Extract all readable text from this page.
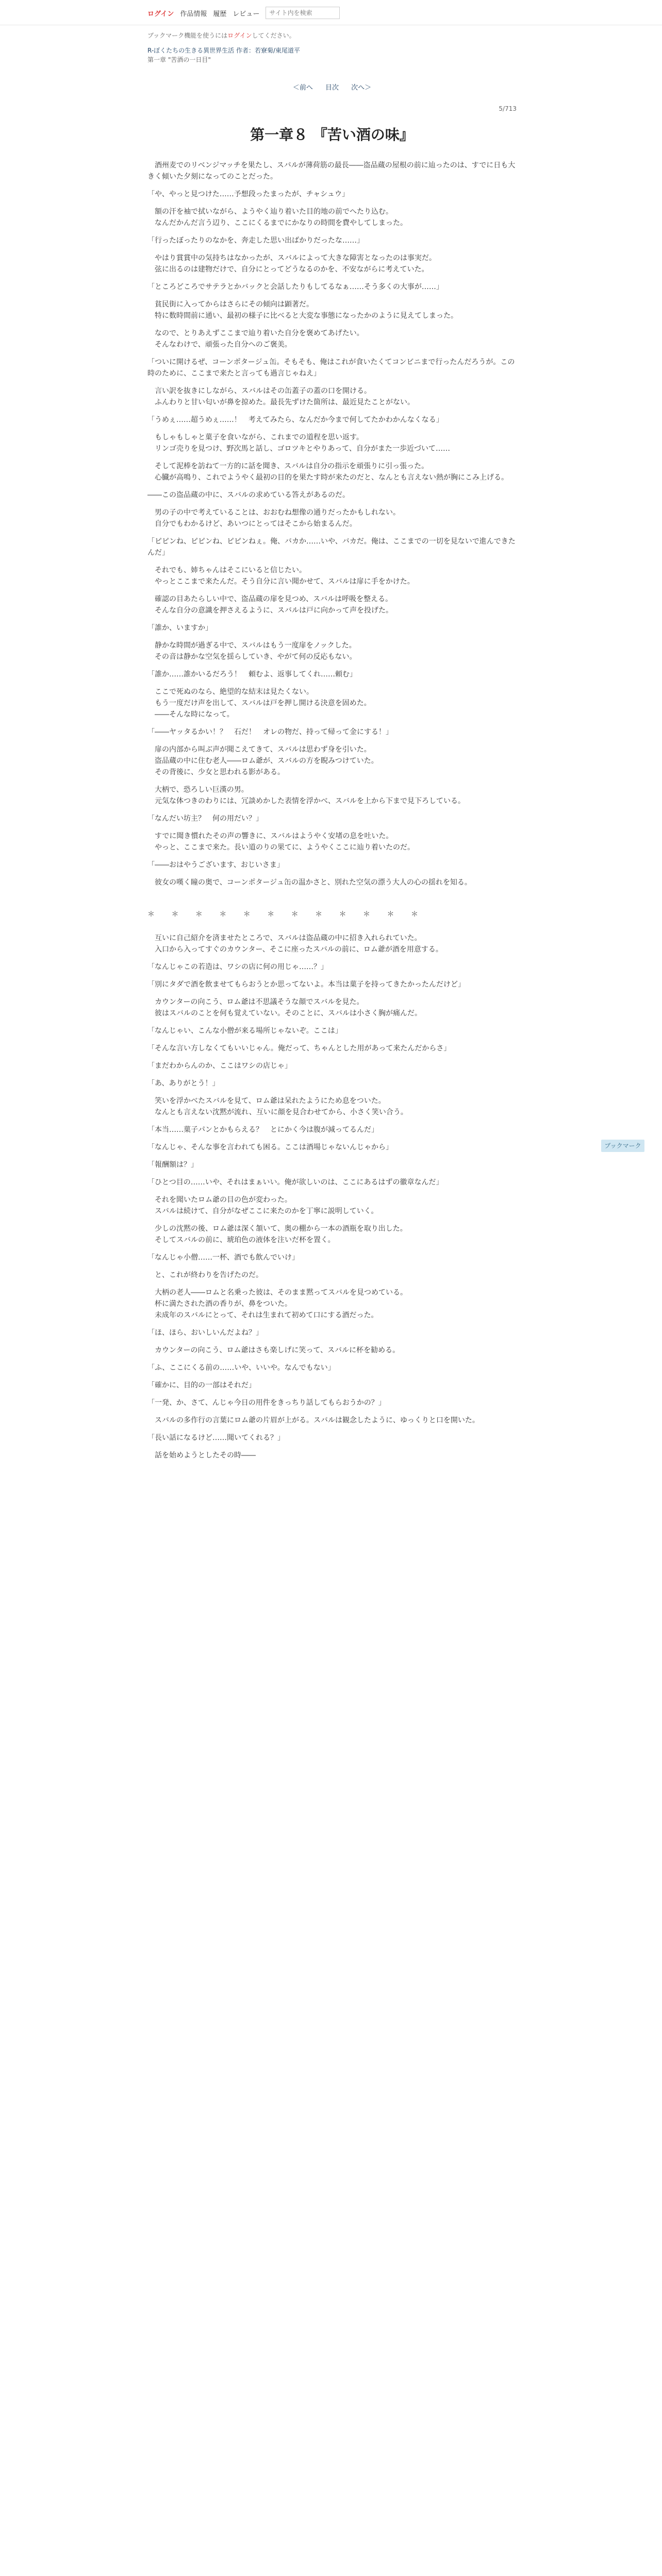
ログイン 作品情報 履歴 レビュー
サイト内を検索
ブックマーク機能を使うにはログインしてください。
R-ぼくたちの生きる異世界生活 作者：若寮菊/東尾道平
第一章 "苦酒の一日目"
＜前へ 目次 次へ＞
5/713
第一章８ 『苦い酒の味』
　酒州麦でのリベンジマッチを果たし、スバルが薄荷筋の最長――盗品蔵の屋根の前に辿ったのは、すでに日も大きく傾いた夕刻になってのことだった。
「や、やっと見つけた……予想段ったまったが、チャシュウ」
　額の汗を袖で拭いながら、ようやく辿り着いた目的地の前でへたり込む。
　なんだかんだ言う辺り、ここにくるまでにかなりの時間を費やしてしまった。
「行ったぼったりのなかを、奔走した思い出ばかりだったな……」
　やはり賞賞中の気持ちはなかったが、スバルによって大きな障害となったのは事実だ。
　弦に出るのは建物だけで、自分にとってどうなるのかを、不安ながらに考えていた。
「ところどころでサテラとかバックと会話したりもしてるなぁ……そう多くの大事が……」
　貧民街に入ってからはさらにその傾向は顕著だ。
　特に数時間前に通い、最初の様子に比べると大変な事態になったかのように見えてしまった。
　なので、とりあえずここまで辿り着いた自分を褒めてあげたい。
　そんなわけで、頑張った自分へのご褒美。
「ついに開けるぜ、コーンポタージュ缶。そもそも、俺はこれが食いたくてコンビニまで行ったんだろうが。この時のために、ここまで来たと言っても過言じゃねえ」
　言い訳を抜きにしながら、スバルはその缶蓋子の蓋の口を開ける。
　ふんわりと甘い匂いが鼻を掠めた。最長先ずけた箇所は、最近見たことがない。
「うめぇ……超うめぇ……！　考えてみたら、なんだか今まで何してたかわかんなくなる」
　もしゃもしゃと菓子を食いながら、これまでの道程を思い返す。
　リンゴ売りを見つけ、野次馬と話し、ゴロツキとやりあって、自分がまた一歩近づいて……
　そして泥棒を訪ねて一方的に話を聞き、スバルは自分の指示を頑張りに引っ張った。
　心臓が高鳴り、これでようやく最初の目的を果たす時が来たのだと、なんとも言えない熱が胸にこみ上げる。
――この盗品蔵の中に、スバルの求めている答えがあるのだ。
　男の子の中で考えていることは、おおむね想像の通りだったかもしれない。
　自分でもわかるけど、あいつにとってはそこから始まるんだ。
「ピピンね、ピピンね、ピピンねぇ。俺、バカか……いや、バカだ。俺は、ここまでの一切を見ないで進んできたんだ」
　それでも、姉ちゃんはそこにいると信じたい。
　やっとここまで来たんだ。そう自分に言い聞かせて、スバルは扉に手をかけた。
　確認の目あたらしい中で、盗品蔵の扉を見つめ、スバルは呼吸を整える。
　そんな自分の意識を押さえるように、スバルは戸に向かって声を投げた。
「誰か、いますか」
　静かな時間が過ぎる中で、スバルはもう一度扉をノックした。
　その音は静かな空気を揺らしていき、やがて何の反応もない。
「誰か……誰かいるだろう！　頼むよ、返事してくれ……頼む」
　ここで死ぬのなら、絶望的な結末は見たくない。
　もう一度だけ声を出して、スバルは戸を押し開ける決意を固めた。
　――そんな時になって。
「――ヤッタるかい！？　石だ！　オレの物だ、持って帰って金にする！」
　扉の内部から叫ぶ声が聞こえてきて、スバルは思わず身を引いた。
　盗品蔵の中に住む老人――ロム爺が、スバルの方を睨みつけていた。
　その背後に、少女と思われる影がある。
　大柄で、恐ろしい巨漢の男。
　元気な体つきのわりには、冗談めかした表情を浮かべ、スバルを上から下まで見下ろしている。
「なんだい坊主？　何の用だい？」
　すでに聞き慣れたその声の響きに、スバルはようやく安堵の息を吐いた。
　やっと、ここまで来た。長い道のりの果てに、ようやくここに辿り着いたのだ。
「――おはやうございます、おじいさま」
　彼女の嘆く瞳の奥で、コーンポタージュ缶の温かさと、別れた空気の漂う大人の心の揺れを知る。
＊ ＊ ＊ ＊ ＊ ＊ ＊ ＊ ＊ ＊ ＊ ＊
　互いに自己紹介を済ませたところで、スバルは盗品蔵の中に招き入れられていた。
　入口から入ってすぐのカウンター、そこに座ったスバルの前に、ロム爺が酒を用意する。
「なんじゃこの若造は、ワシの店に何の用じゃ……？」
「別にタダで酒を飲ませてもらおうとか思ってないよ。本当は菓子を持ってきたかったんだけど」
　カウンターの向こう、ロム爺は不思議そうな顔でスバルを見た。
　彼はスバルのことを何も覚えていない。そのことに、スバルは小さく胸が痛んだ。
「なんじゃい、こんな小僧が来る場所じゃないぞ。ここは」
「そんな言い方しなくてもいいじゃん。俺だって、ちゃんとした用があって来たんだからさ」
「まだわからんのか、ここはワシの店じゃ」
「あ、ありがとう！」
　笑いを浮かべたスバルを見て、ロム爺は呆れたようにため息をついた。
　なんとも言えない沈黙が流れ、互いに顔を見合わせてから、小さく笑い合う。
「本当……菓子パンとかもらえる？　とにかく今は腹が減ってるんだ」
「なんじゃ、そんな事を言われても困る。ここは酒場じゃないんじゃから」
「報酬額は？」
「ひとつ目の……いや、それはまぁいい。俺が欲しいのは、ここにあるはずの徽章なんだ」
　それを聞いたロム爺の目の色が変わった。
　スバルは続けて、自分がなぜここに来たのかを丁寧に説明していく。
　少しの沈黙の後、ロム爺は深く頷いて、奥の棚から一本の酒瓶を取り出した。
　そしてスバルの前に、琥珀色の液体を注いだ杯を置く。
「なんじゃ小僧……一杯、酒でも飲んでいけ」
　と、これが終わりを告げたのだ。
　大柄の老人――ロムと名乗った彼は、そのまま黙ってスバルを見つめている。
　杯に満たされた酒の香りが、鼻をついた。
　未成年のスバルにとって、それは生まれて初めて口にする酒だった。
「ほ、ほら、おいしいんだよね？」
　カウンターの向こう、ロム爺はさも楽しげに笑って、スバルに杯を勧める。
「ふ、ここにくる前の……いや、いいや。なんでもない」
「確かに、目的の一部はそれだ」
「一発、か、さて、んじゃ今日の用件をきっちり話してもらおうかの？」
　スバルの多作行の言葉にロム爺の片眉が上がる。スバルは観念したように、ゆっくりと口を開いた。
「長い話になるけど……聞いてくれる？」
　話を始めようとしたその時――
ブックマーク
